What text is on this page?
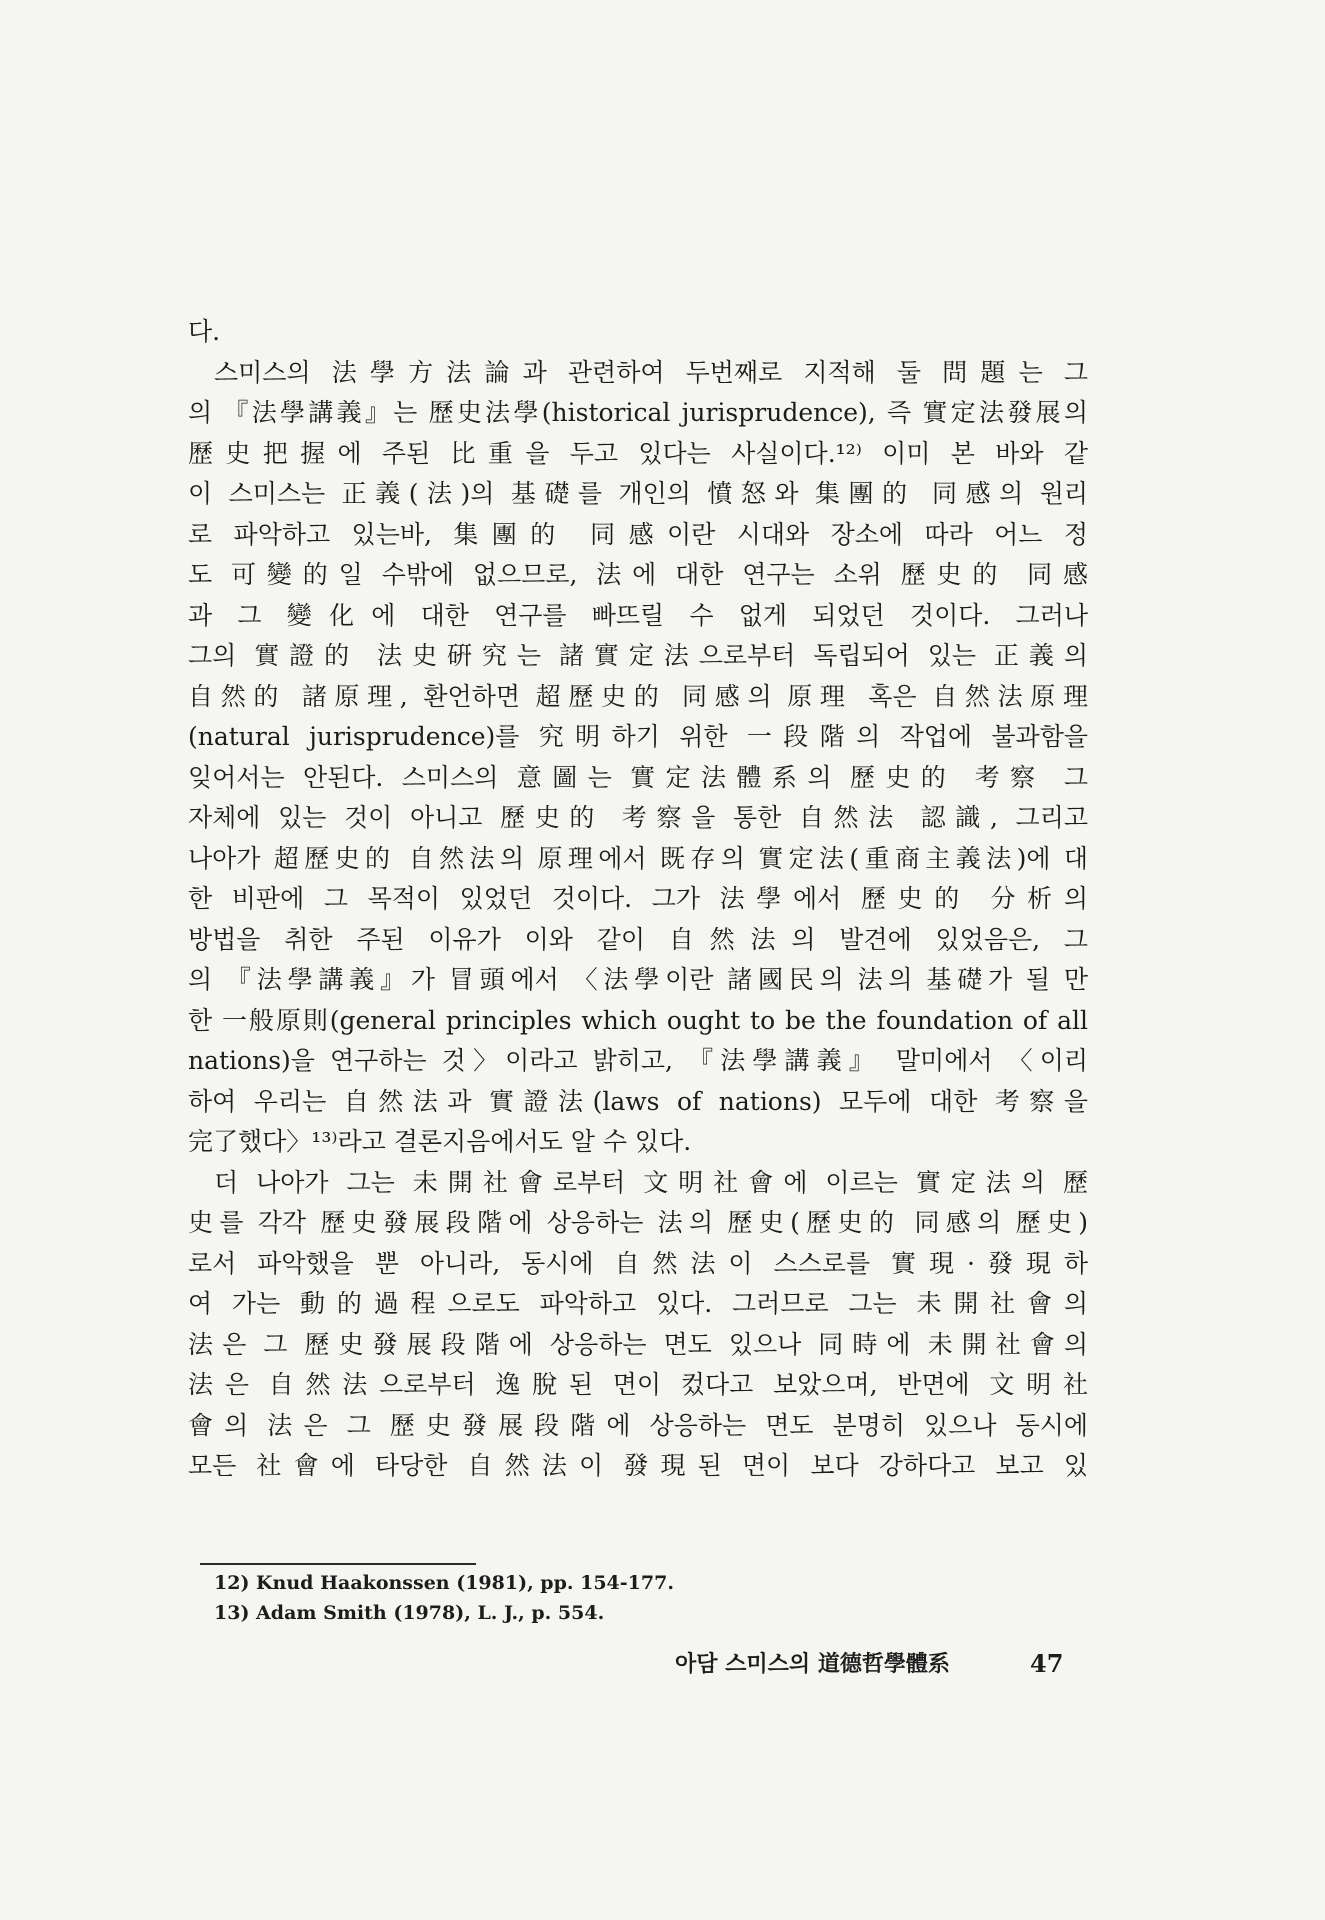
다.
스미스의 法學方法論과 관련하여 두번째로 지적해 둘 問題는 그
의 『法學講義』는 歷史法學(historical jurisprudence), 즉 實定法發展의
歷史把握에 주된 比重을 두고 있다는 사실이다.¹²⁾ 이미 본 바와 같
이 스미스는 正義(法)의 基礎를 개인의 憤怒와 集團的 同感의 원리
로 파악하고 있는바, 集團的 同感이란 시대와 장소에 따라 어느 정
도 可變的일 수밖에 없으므로, 法에 대한 연구는 소위 歷史的 同感
과 그 變化에 대한 연구를 빠뜨릴 수 없게 되었던 것이다. 그러나
그의 實證的 法史硏究는 諸實定法으로부터 독립되어 있는 正義의
自然的 諸原理, 환언하면 超歷史的 同感의 原理 혹은 自然法原理
(natural jurisprudence)를 究明하기 위한 一段階의 작업에 불과함을
잊어서는 안된다. 스미스의 意圖는 實定法體系의 歷史的 考察 그
자체에 있는 것이 아니고 歷史的 考察을 통한 自然法 認識, 그리고
나아가 超歷史的 自然法의 原理에서 既存의 實定法(重商主義法)에 대
한 비판에 그 목적이 있었던 것이다. 그가 法學에서 歷史的 分析의
방법을 취한 주된 이유가 이와 같이 自然法의 발견에 있었음은, 그
의 『法學講義』가 冒頭에서 〈法學이란 諸國民의 法의 基礎가 될 만
한 一般原則(general principles which ought to be the foundation of all
nations)을 연구하는 것〉이라고 밝히고, 『法學講義』 말미에서 〈이리
하여 우리는 自然法과 實證法(laws of nations) 모두에 대한 考察을
完了했다〉¹³⁾라고 결론지음에서도 알 수 있다.
더 나아가 그는 未開社會로부터 文明社會에 이르는 實定法의 歷
史를 각각 歷史發展段階에 상응하는 法의 歷史(歷史的 同感의 歷史)
로서 파악했을 뿐 아니라, 동시에 自然法이 스스로를 實現·發現하
여 가는 動的過程으로도 파악하고 있다. 그러므로 그는 未開社會의
法은 그 歷史發展段階에 상응하는 면도 있으나 同時에 未開社會의
法은 自然法으로부터 逸脫된 면이 컸다고 보았으며, 반면에 文明社
會의 法은 그 歷史發展段階에 상응하는 면도 분명히 있으나 동시에
모든 社會에 타당한 自然法이 發現된 면이 보다 강하다고 보고 있
12) Knud Haakonssen (1981), pp. 154-177.
13) Adam Smith (1978), L. J., p. 554.
아담 스미스의 道德哲學體系	47
